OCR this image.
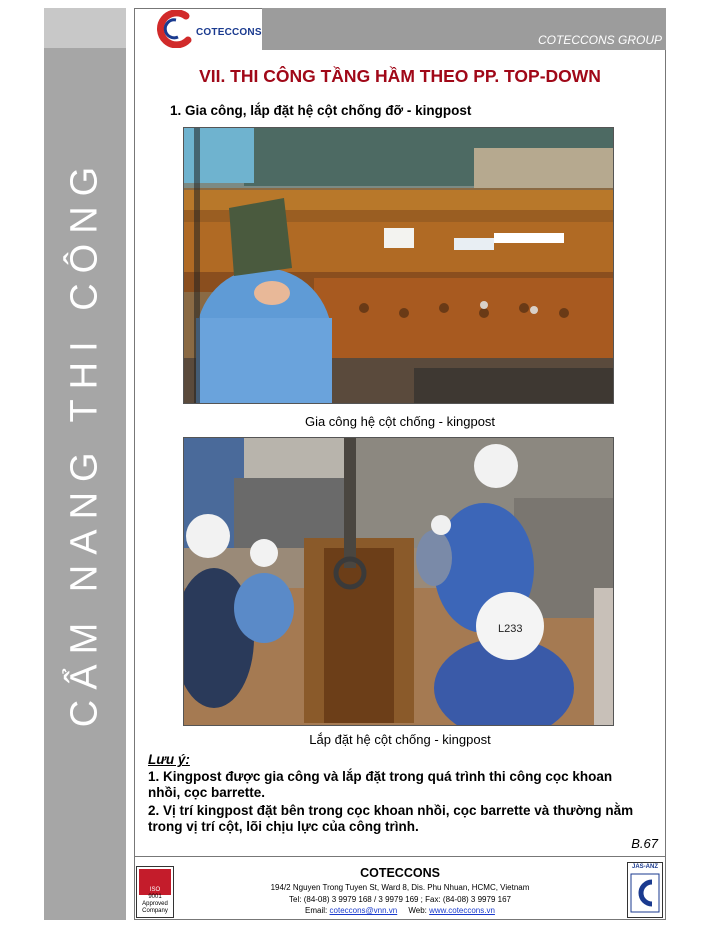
CẨM NANG THI CÔNG
COTECCONS GROUP
COTECCONS
VII. THI CÔNG TẦNG HẦM THEO PP. TOP-DOWN
1. Gia công, lắp đặt hệ cột chống đỡ - kingpost
Gia công hệ cột chống - kingpost
L233
Lắp đặt hệ cột chống - kingpost
Lưu ý:
1. Kingpost được gia công và lắp đặt trong quá trình thi công cọc khoan nhồi, cọc barrette.
2. Vị trí kingpost đặt bên trong cọc khoan nhồi, cọc barrette và thường nằm trong vị trí cột, lõi chịu lực của công trình.
B.67
ISO
9001
Approved
Company
COTECCONS
194/2 Nguyen Trong Tuyen St, Ward 8, Dis. Phu Nhuan, HCMC, Vietnam
Tel: (84-08) 3 9979 168 / 3 9979 169 ; Fax: (84-08) 3 9979 167
Email: coteccons@vnn.vn Web: www.coteccons.vn
JAS-ANZ
